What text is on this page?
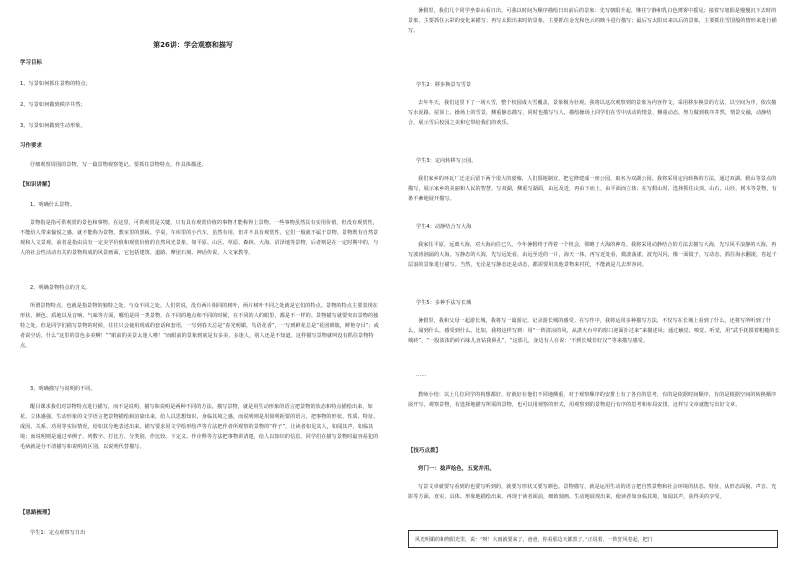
第26讲：学会观察和描写
学习目标
1、写景如何抓住景物的特点；
2、写景如何做到秩序井然；
3、写景如何做到生动形象。
习作要求
仔细观察周围的景物，写一篇景物观察笔记。要抓住景物特点，作具体描述。
【知识讲解】
1、明确什么景物。
景物指是指可供观赏的景色和事物。在这里，可供观赏是关键，只有具有观赏价值的事物才能称得上景物。一些事物虽然具有实用价值，但没有观赏性，不能给人带来愉悦之感，就不能称为景物。教室里的黑板、学桌，车库里的小汽车，虽然有用，但并不具有观赏性，它们一般就不属于景物。景物既有自然景观和人文景观，前者是指由具有一定美学价值和观赏价值的自然风光景象，如平原、山区、草原、森林、大海、沼泽地等景物，后者则是在一定时期中的，与人的社会性活动有关的景物构成的风景画面，它包括建筑、道路、摩崖石刻、神话传说、人文家教等。
2、明确景物特点的含义。
所谓景物特点，也就是指景物的独特之处，与众不同之处。人们常说，没有两片相同的树叶，两片树叶不同之处就是它们的特点。景物的特点主要表现在形状、颜色、质地以及音响、气味等方面，哪怕是同一类景物，在不同的地点和不同的时候，在不同的人的眼里，都是不一样的。景物描写就要突出景物的独特之处。但是同学们描写景物的时候，往往只会使用现成的套话和套语，一写到春天总是“春光明媚，鸟语花香”，一写到鲜花总是“花团锦簇，鲜艳夺目”；或者说空话，什么“这里的景色多美啊！”“眼前的美景太迷人啦！”而眼前的景象到底是有多美，多迷人，别人还是不知道。这样描写景物就叫没有抓住景物特点。
3、明确描写与说明的不同。
醒目课求我们对景物特点进行描写，而不是说明，描写和说明是两种不同的方法。描写景物，就是用生动形象的语言把景物的状态和特点描绘出来，如花、立体感强，生动形象的文学语言把景物描绘和渲染出来，给人以思想知识、身临其境之感。而说明则是用简明扼要的语言，把事物的形状、性质、特征、成因、关系、功用等实际情况，给如其分地表述出来。描写要求用文学绘形绘声等方法把作者所观察的景物的“样子”，让读者如见其人，如闻其声，如临其境；而说明则是通过举例子、列数字、打比方、分类别、作比较、下定义、作诠释等方法把事物讲清楚，给人以知识的信息。同学们在描写景物时最容易犯的毛病就是分不清描写和说明的区别，以说明代替描写。
【思路梳理】
学生1：定点观察写日出
暑假里，我们几个同学坐泰山看日出，可我以时间为顺序描绘日出前后的景象：先写朝阳升起，继往宁静和乳白色薄雾中摇见；接着写旭阳是慢慢沉下去时的景象，主要抓住云彩的变化来描写；再写太阳出来时的景象，主要抓住金光和色云的映斗进行描写；最后写太阳出来以后的景象，主要抓住雪国般的情形来进行描写。
学生2：移步换景写雪景
去年冬天，我们这里下了一场大雪，整个校园成大雪覆盖，景象极为壮观。我将以这次观察到的景象为内容作文，采用移步换景的方法，以空间为序，依次描写水泥路、屋顶上、操场上的雪景，侧重静态描写，同时也描写与人，描绘操场上同学们在雪中活动的情景，侧重动态，努力做到秩序井然，情景交融，动静结合，展示雪后校园之美和它带给我们的欢乐。
学生3：定向转移写公园。
我们家乡的环瓦厂迁走后留下两个很大的废墟，人们围地制宜，把它修建成一座公园，取名为双湖公园。我将采用定向转换的方法，通过双湖、假山等景点的描写，展示家乡的美丽和人民的智慧。写双湖，侧重写湖面，由远及近，再由下而上，由平面而立体；在写假山时，选择抓住山顶、山石、山径、树木等景物，有条不紊地展开描写。
学生4：动静结合写大海
我家住平原，远离大海，对大海向往已久。今年暑假终于得着一个机会，领略了大海的神奇。我将采用动静结合的方法去描写大海，先写风平浪静的大海，再写波涛汹涌的大海，写静态的大海，先写远处看，由远至近的一片，海天一体，再写近处看，微波荡漾，波光闪闪，像一面镜子，写动态，抓住海水翻滚，卷起千层浪的景象进行描写。当然，无论是写静态还是动态，都需要用其他景物来衬托，不能就是几去形容词。
学生5：多种手法写长城
暑假里，我和父母一起游长城，我将写一篇游记，记录游长城的感受。在写作中，我将运用多种描写方法，不仅写在长城上看到了什么，还将写所听到了什么，闻到什么，感受到什么。比如，我将这样写到：用“一阵清凉的风，从湛火台中的窗口迎面扑过来”来描述风；通过触觉、嗅觉、听觉，用“武手抚摸着粗糙的长城砖”，“一股浓浓的砖石味儿直钻我鼻孔”，“这那儿，身边有人在说：'不到长城非好汉'”等来描写感受。
……
教师小结：以上几位同学的构想都好，好就好在他们不同地侧重，对于观察顺序的安排上有了各自的思考，有的是依据时间顺序，有的是根据空间的转换顺序展开写，观察景物，有选择地描写所需的景物，也可以用观察的形式，用观察到的景物进行有序的思考和布局安排，这样写文章就能写出好文章。
【技巧点拨】
窍门一：捻声绘色，五觉并用。
写景文章就要写看到的也要写听到的，就要写形状又要写颜色。景物描写，就是运用生动的语言把自然景物和社会环境的状态、特征，从形态面貌、声音、光影等方面，直实、具体、形象地描绘出来。再现于读者面前，细致刻画、生动地展现出来，使读者如身临其境，如闻其声，获得美的享受。
风光明媚的和煦阳光里，说：“呀！大雨就要来了，爸爸，你看那边天都黑了。”正说着，一阵狂风卷起，把门
